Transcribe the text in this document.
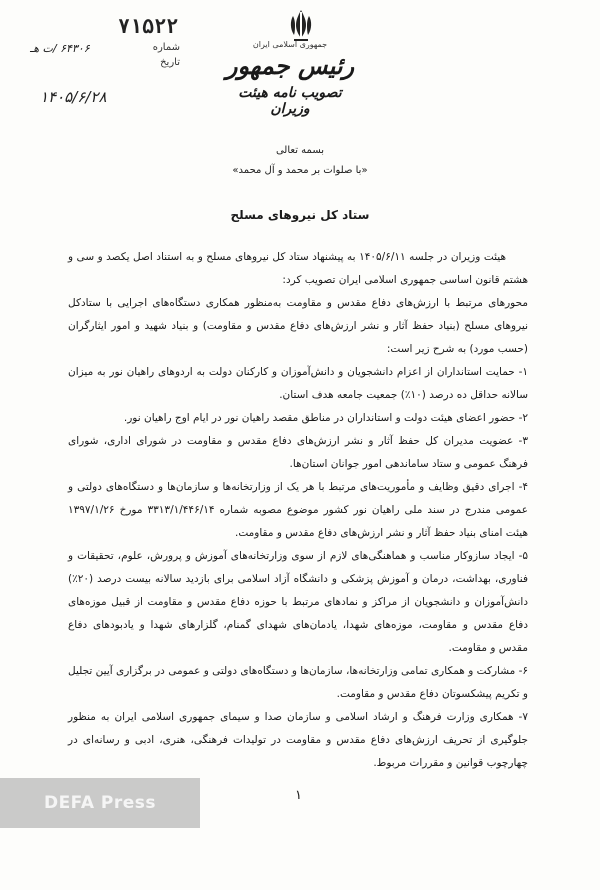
۷۱۵۲۲
شماره
۶۴۳۰۶ /ت هـ
تاریخ
۱۴۰۵/۶/۲۸
جمهوری اسلامی ایران
رئیس جمهور
تصویب نامه هیئت وزیران
بسمه تعالی
«با صلوات بر محمد و آل محمد»
ستاد کل نیروهای مسلح

هیئت وزیران در جلسه ۱۴۰۵/۶/۱۱ به پیشنهاد ستاد کل نیروهای مسلح و به استناد اصل یکصد و سی و هشتم قانون اساسی جمهوری اسلامی ایران تصویب کرد:

محورهای مرتبط با ارزش‌های دفاع مقدس و مقاومت به‌منظور همکاری دستگاه‌های اجرایی با ستادکل نیروهای مسلح (بنیاد حفظ آثار و نشر ارزش‌های دفاع مقدس و مقاومت) و بنیاد شهید و امور ایثارگران (حسب مورد) به شرح زیر است:

۱- حمایت استانداران از اعزام دانشجویان و دانش‌آموزان و کارکنان دولت به اردوهای راهیان نور به میزان سالانه حداقل ده درصد (۱۰٪) جمعیت جامعه هدف استان.

۲- حضور اعضای هیئت دولت و استانداران در مناطق مقصد راهیان نور در ایام اوج راهیان نور.

۳- عضویت مدیران کل حفظ آثار و نشر ارزش‌های دفاع مقدس و مقاومت در شورای اداری، شورای فرهنگ عمومی و ستاد ساماندهی امور جوانان استان‌ها.

۴- اجرای دقیق وظایف و مأموریت‌های مرتبط با هر یک از وزارتخانه‌ها و سازمان‌ها و دستگاه‌های دولتی و عمومی مندرج در سند ملی راهیان نور کشور موضوع مصوبه شماره ۳۳۱۳/۱/۴۴۶/۱۴ مورخ ۱۳۹۷/۱/۲۶ هیئت امنای بنیاد حفظ آثار و نشر ارزش‌های دفاع مقدس و مقاومت.

۵- ایجاد سازوکار مناسب و هماهنگی‌های لازم از سوی وزارتخانه‌های آموزش و پرورش، علوم، تحقیقات و فناوری، بهداشت، درمان و آموزش پزشکی و دانشگاه آزاد اسلامی برای بازدید سالانه بیست درصد (۲۰٪) دانش‌آموزان و دانشجویان از مراکز و نمادهای مرتبط با حوزه دفاع مقدس و مقاومت از قبیل موزه‌های دفاع مقدس و مقاومت، موزه‌های شهدا، یادمان‌های شهدای گمنام، گلزارهای شهدا و یادبودهای دفاع مقدس و مقاومت.

۶- مشارکت و همکاری تمامی وزارتخانه‌ها، سازمان‌ها و دستگاه‌های دولتی و عمومی در برگزاری آیین تجلیل و تکریم پیشکسوتان دفاع مقدس و مقاومت.

۷- همکاری وزارت فرهنگ و ارشاد اسلامی و سازمان صدا و سیمای جمهوری اسلامی ایران به منظور جلوگیری از تحریف ارزش‌های دفاع مقدس و مقاومت در تولیدات فرهنگی، هنری، ادبی و رسانه‌ای در چهارچوب قوانین و مقررات مربوط.

۱
DEFA Press
